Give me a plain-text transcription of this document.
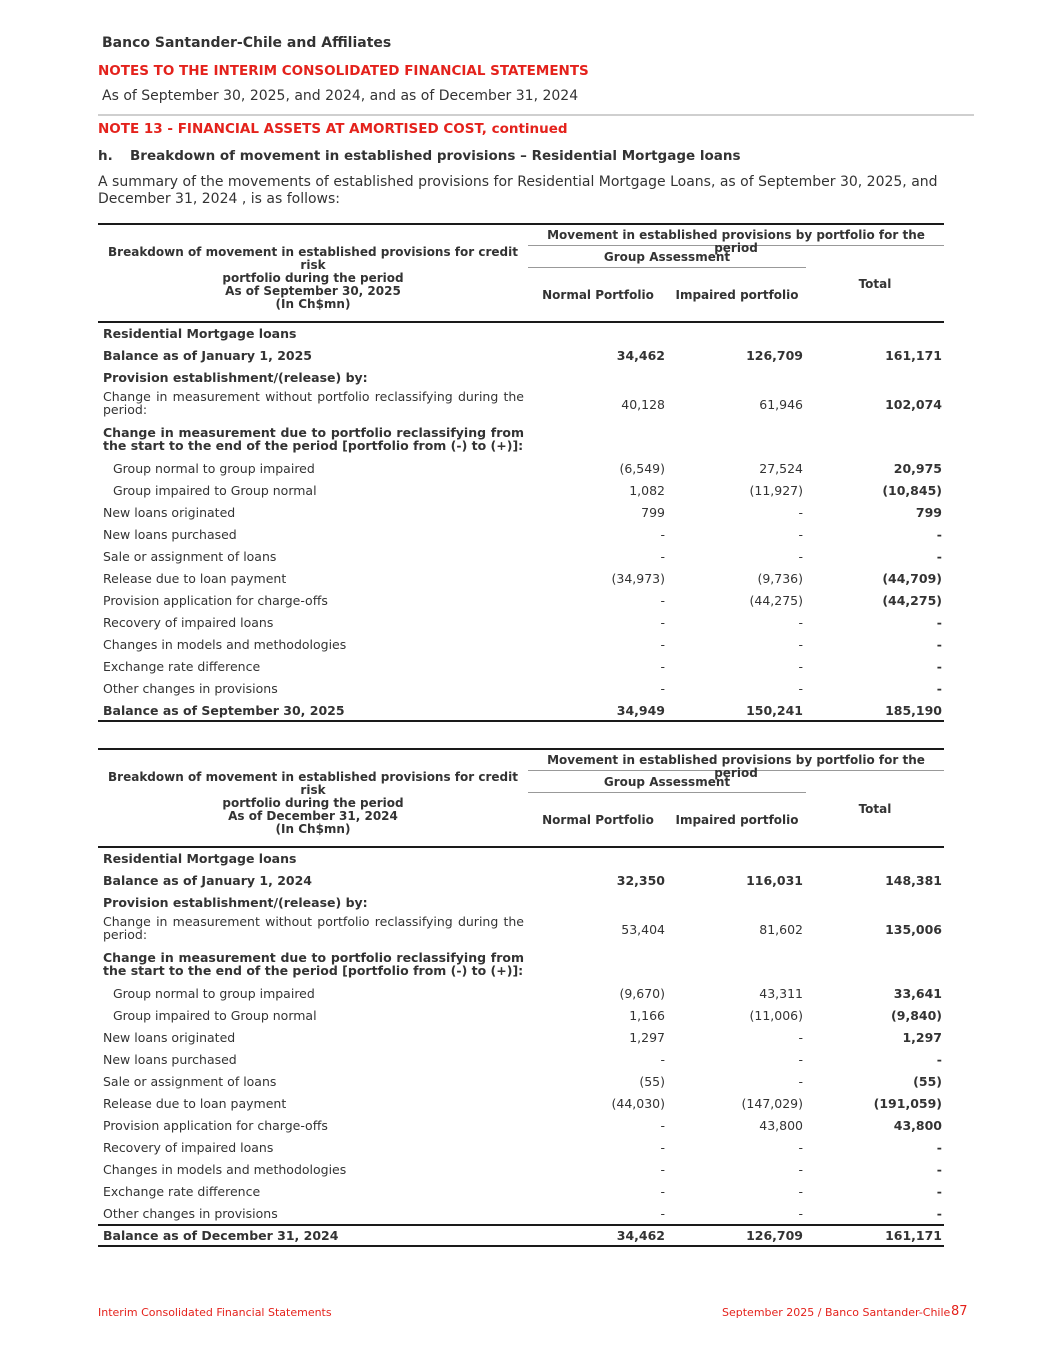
Banco Santander-Chile and Affiliates
NOTES TO THE INTERIM CONSOLIDATED FINANCIAL STATEMENTS
As of September 30, 2025, and 2024, and as of December 31, 2024
NOTE 13 - FINANCIAL ASSETS AT AMORTISED COST, continued
h. Breakdown of movement in established provisions – Residential Mortgage loans
A summary of the movements of established provisions for Residential Mortgage Loans, as of September 30, 2025, and December 31, 2024 , is as follows:
Breakdown of movement in established provisions for credit risk
portfolio during the period
As of September 30, 2025
(In Ch$mn)
Movement in established provisions by portfolio for the period
Group Assessment
Normal Portfolio	Impaired portfolio
Total
Residential Mortgage loans
Balance as of January 1, 2025	34,462	126,709	161,171
Provision establishment/(release) by:
Change in measurement without portfolio reclassifying during the period:	40,128	61,946	102,074
Change in measurement due to portfolio reclassifying from the start to the end of the period [portfolio from (-) to (+)]:
Group normal to group impaired	(6,549)	27,524	20,975
Group impaired to Group normal	1,082	(11,927)	(10,845)
New loans originated	799	-	799
New loans purchased	-	-	-
Sale or assignment of loans	-	-	-
Release due to loan payment	(34,973)	(9,736)	(44,709)
Provision application for charge-offs	-	(44,275)	(44,275)
Recovery of impaired loans	-	-	-
Changes in models and methodologies	-	-	-
Exchange rate difference	-	-	-
Other changes in provisions	-	-	-
Balance as of September 30, 2025	34,949	150,241	185,190
Breakdown of movement in established provisions for credit risk
portfolio during the period
As of December 31, 2024
(In Ch$mn)
Movement in established provisions by portfolio for the period
Group Assessment
Normal Portfolio	Impaired portfolio
Total
Residential Mortgage loans
Balance as of January 1, 2024	32,350	116,031	148,381
Provision establishment/(release) by:
Change in measurement without portfolio reclassifying during the period:	53,404	81,602	135,006
Change in measurement due to portfolio reclassifying from the start to the end of the period [portfolio from (-) to (+)]:
Group normal to group impaired	(9,670)	43,311	33,641
Group impaired to Group normal	1,166	(11,006)	(9,840)
New loans originated	1,297	-	1,297
New loans purchased	-	-	-
Sale or assignment of loans	(55)	-	(55)
Release due to loan payment	(44,030)	(147,029)	(191,059)
Provision application for charge-offs	-	43,800	43,800
Recovery of impaired loans	-	-	-
Changes in models and methodologies	-	-	-
Exchange rate difference	-	-	-
Other changes in provisions	-	-	-
Balance as of December 31, 2024	34,462	126,709	161,171
Interim Consolidated Financial Statements	September 2025 / Banco Santander-Chile 87
